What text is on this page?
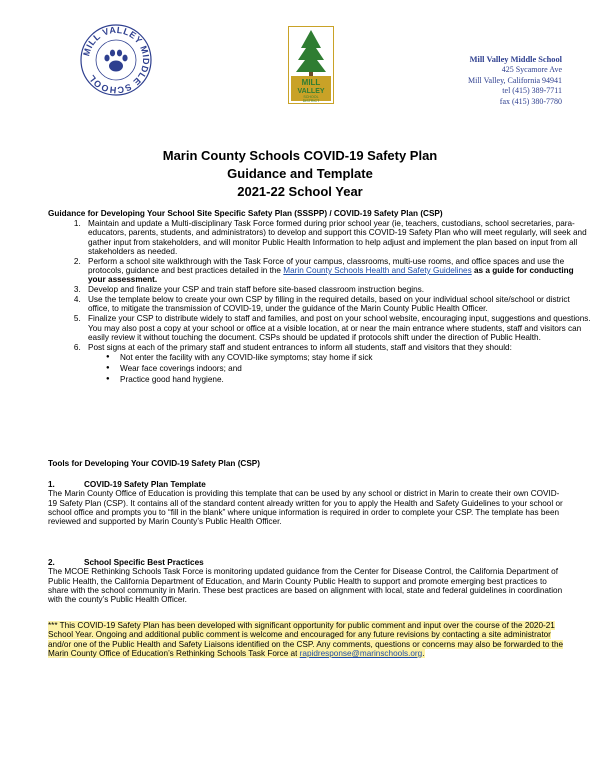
MILL VALLEY MIDDLE SCHOOL	MILL
VALLEY
SCHOOL
DISTRICT
Mill Valley Middle School
425 Sycamore Ave
Mill Valley, California 94941
tel (415) 389-7711
fax (415) 380-7780
Marin County Schools COVID-19 Safety Plan
Guidance and Template
2021-22 School Year
Guidance for Developing Your School Site Specific Safety Plan (SSSPP) / COVID-19 Safety Plan (CSP)
1. Maintain and update a Multi-disciplinary Task Force formed during prior school year (ie, teachers, custodians, school secretaries, para-educators, parents, students, and administrators) to develop and support this COVID-19 Safety Plan who will meet regularly, will seek and gather input from stakeholders, and will monitor Public Health Information to help adjust and implement the plan based on input from all stakeholders as needed.
2. Perform a school site walkthrough with the Task Force of your campus, classrooms, multi-use rooms, and office spaces and use the protocols, guidance and best practices detailed in the Marin County Schools Health and Safety Guidelines as a guide for conducting your assessment.
3. Develop and finalize your CSP and train staff before site-based classroom instruction begins.
4. Use the template below to create your own CSP by filling in the required details, based on your individual school site/school or district office, to mitigate the transmission of COVID-19, under the guidance of the Marin County Public Health Officer.
5. Finalize your CSP to distribute widely to staff and families, and post on your school website, encouraging input, suggestions and questions. You may also post a copy at your school or office at a visible location, at or near the main entrance where students, staff and visitors can easily review it without touching the document. CSPs should be updated if protocols shift under the direction of Public Health.
6. Post signs at each of the primary staff and student entrances to inform all students, staff and visitors that they should:
● Not enter the facility with any COVID-like symptoms; stay home if sick
● Wear face coverings indoors; and
● Practice good hand hygiene.
Tools for Developing Your COVID-19 Safety Plan (CSP)
1.	COVID-19 Safety Plan Template
The Marin County Office of Education is providing this template that can be used by any school or district in Marin to create their own COVID-19 Safety Plan (CSP). It contains all of the standard content already written for you to apply the Health and Safety Guidelines to your school or school office and prompts you to “fill in the blank” where unique information is required in order to complete your CSP. The template has been reviewed and supported by Marin County’s Public Health Officer.
2.	School Specific Best Practices
The MCOE Rethinking Schools Task Force is monitoring updated guidance from the Center for Disease Control, the California Department of Public Health, the California Department of Education, and Marin County Public Health to support and promote emerging best practices to share with the school community in Marin. These best practices are based on alignment with local, state and federal guidelines in coordination with the county’s Public Health Officer.
*** This COVID-19 Safety Plan has been developed with significant opportunity for public comment and input over the course of the 2020-21 School Year. Ongoing and additional public comment is welcome and encouraged for any future revisions by contacting a site administrator and/or one of the Public Health and Safety Liaisons identified on the CSP. Any comments, questions or concerns may also be forwarded to the Marin County Office of Education’s Rethinking Schools Task Force at rapidresponse@marinschools.org.
